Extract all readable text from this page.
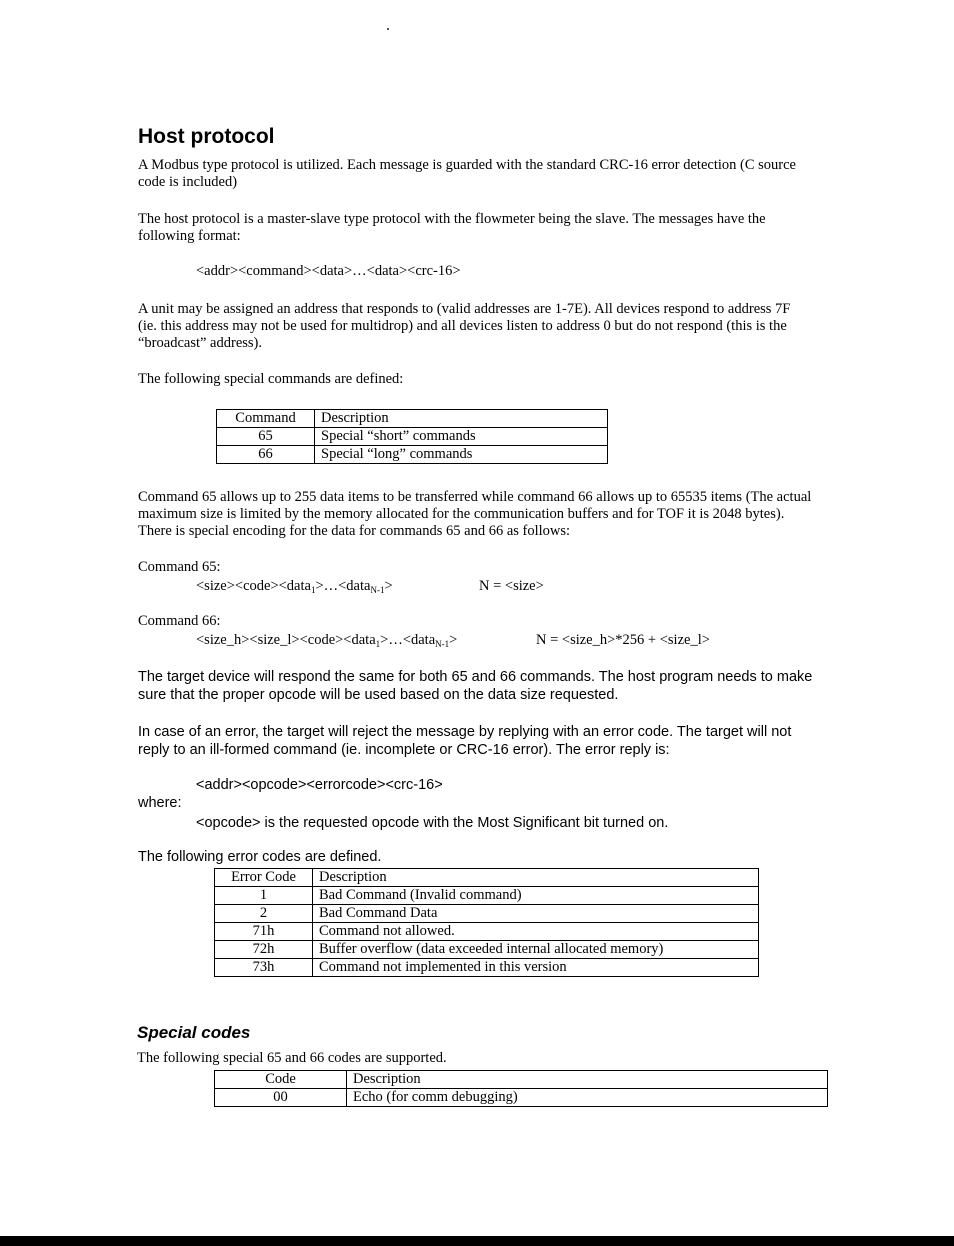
Host protocol

A Modbus type protocol is utilized. Each message is guarded with the standard CRC-16 error detection (C source code is included)

The host protocol is a master-slave type protocol with the flowmeter being the slave. The messages have the following format:

<addr><command><data>…<data><crc-16>

A unit may be assigned an address that responds to (valid addresses are 1-7E). All devices respond to address 7F (ie. this address may not be used for multidrop) and all devices listen to address 0 but do not respond (this is the “broadcast” address).

The following special commands are defined:

Command	Description
65	Special “short” commands
66	Special “long” commands

Command 65 allows up to 255 data items to be transferred while command 66 allows up to 65535 items (The actual maximum size is limited by the memory allocated for the communication buffers and for TOF it is 2048 bytes). There is special encoding for the data for commands 65 and 66 as follows:

Command 65:

<size><code><data$_1$>…<data$_{N-1}$>	N = <size>

Command 66:

<size_h><size_l><code><data$_1$>…<data$_{N-1}$>	N = <size_h>*256 + <size_l>

The target device will respond the same for both 65 and 66 commands. The host program needs to make sure that the proper opcode will be used based on the data size requested.

In case of an error, the target will reject the message by replying with an error code. The target will not reply to an ill-formed command (ie. incomplete or CRC-16 error). The error reply is:

<addr><opcode><errorcode><crc-16>

where:

<opcode> is the requested opcode with the Most Significant bit turned on.

The following error codes are defined.

Error Code	Description
1	Bad Command (Invalid command)
2	Bad Command Data
71h	Command not allowed.
72h	Buffer overflow (data exceeded internal allocated memory)
73h	Command not implemented in this version
Special codes

The following special 65 and 66 codes are supported.

Code	Description
00	Echo (for comm debugging)
